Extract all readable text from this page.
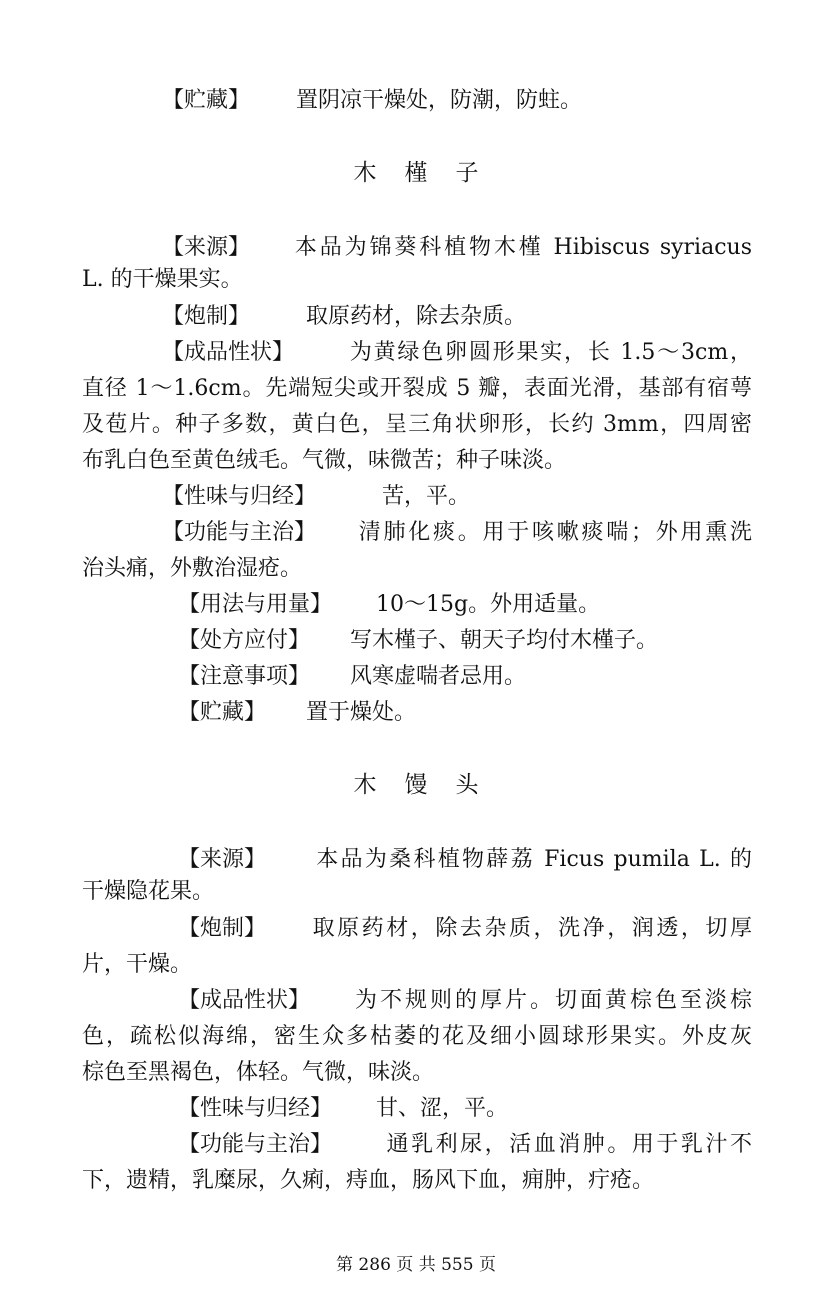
【贮藏】 置阴凉干燥处，防潮，防蛀。
【来源】 本品为锦葵科植物木槿 Hibiscus syriacus
L. 的干燥果实。
【炮制】	取原药材，除去杂质。
【成品性状】 为黄绿色卵圆形果实，长 1.5～3cm，
直径 1～1.6cm。先端短尖或开裂成 5 瓣，表面光滑，基部有宿萼
及苞片。种子多数，黄白色，呈三角状卵形，长约 3mm，四周密
布乳白色至黄色绒毛。气微，味微苦；种子味淡。
【性味与归经】	苦，平。
【功能与主治】 清肺化痰。用于咳嗽痰喘；外用熏洗
治头痛，外敷治湿疮。
【用法与用量】 10～15g。外用适量。
【处方应付】 写木槿子、朝天子均付木槿子。
【注意事项】 风寒虚喘者忌用。
【贮藏】 置于燥处。
【来源】 本品为桑科植物薜荔 Ficus pumila L. 的
干燥隐花果。
【炮制】 取原药材，除去杂质，洗净，润透，切厚
片，干燥。
【成品性状】 为不规则的厚片。切面黄棕色至淡棕
色，疏松似海绵，密生众多枯萎的花及细小圆球形果实。外皮灰
棕色至黑褐色，体轻。气微，味淡。
【性味与归经】 甘、涩，平。
【功能与主治】 通乳利尿，活血消肿。用于乳汁不
下，遗精，乳糜尿，久痢，痔血，肠风下血，痈肿，疔疮。
木 槿 子
木 馒 头
第 286 页 共 555 页
